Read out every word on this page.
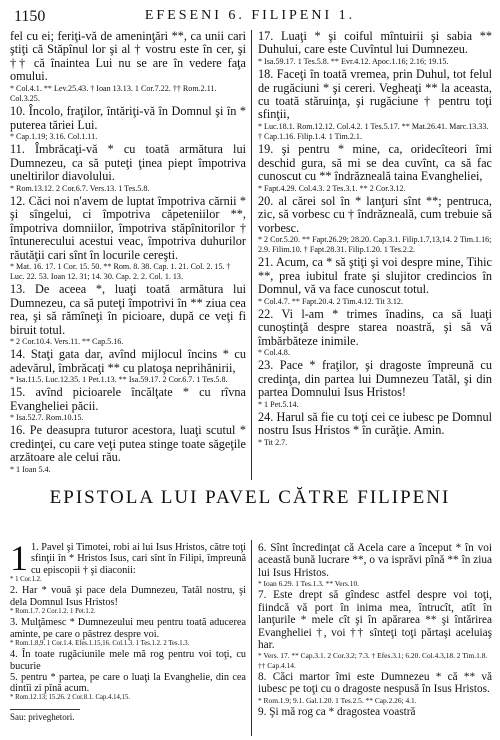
1150	EFESENI 6. FILIPENI 1.

fel cu ei; feriţi-vă de ameninţări **, ca unii cari ştiţi că Stăpînul lor şi al † vostru este în cer, şi †† că înaintea Lui nu se are în vedere faţa omului.

* Col.4.1. ** Lev.25.43. † Ioan 13.13. 1 Cor.7.22. †† Rom.2.11. Col.3.25.

10. Încolo, fraţilor, întăriţi-vă în Domnul şi în * puterea tăriei Lui.

* Cap.1.19; 3.16. Col.1.11.

11. Îmbrăcaţi-vă * cu toată armătura lui Dumnezeu, ca să puteţi ţinea piept împotriva uneltirilor diavolului.

* Rom.13.12. 2 Cor.6.7. Vers.13. 1 Tes.5.8.

12. Căci noi n'avem de luptat împotriva cărnii * şi sîngelui, ci împotriva căpeteniilor **, împotriva domniilor, împotriva stăpînitorilor † întunerecului acestui veac, împotriva duhurilor răutăţii cari sînt în locurile cereşti.

* Mat. 16. 17. 1 Cor. 15. 50. ** Rom. 8. 38. Cap. 1. 21. Col. 2. 15. † Luc. 22. 53. Ioan 12. 31; 14. 30. Cap. 2. 2. Col. 1. 13.

13. De aceea *, luaţi toată armătura lui Dumnezeu, ca să puteţi împotrivi în ** ziua cea rea, şi să rămîneţi în picioare, după ce veţi fi biruit totul.

* 2 Cor.10.4. Vers.11. ** Cap.5.16.

14. Staţi gata dar, avînd mijlocul încins * cu adevărul, îmbrăcaţi ** cu platoşa neprihănirii,

* Isa.11.5. Luc.12.35. 1 Pet.1.13. ** Isa.59.17. 2 Cor.6.7. 1 Tes.5.8.

15. avînd picioarele încălţate * cu rîvna Evangheliei păcii.

* Isa.52.7. Rom.10.15.

16. Pe deasupra tuturor acestora, luaţi scutul * credinţei, cu care veţi putea stinge toate săgeţile arzătoare ale celui rău.

* 1 Ioan 5.4.

17. Luaţi * şi coiful mîntuirii şi sabia ** Duhului, care este Cuvîntul lui Dumnezeu.

* Isa.59.17. 1 Tes.5.8. ** Evr.4.12. Apoc.1.16; 2.16; 19.15.

18. Faceţi în toată vremea, prin Duhul, tot felul de rugăciuni * şi cereri. Vegheaţi ** la aceasta, cu toată stăruinţa, şi rugăciune † pentru toţi sfinţii,

* Luc.18.1. Rom.12.12. Col.4.2. 1 Tes.5.17. ** Mat.26.41. Marc.13.33. † Cap.1.16. Filip.1.4. 1 Tim.2.1.

19. şi pentru * mine, ca, oridecîteori îmi deschid gura, să mi se dea cuvînt, ca să fac cunoscut cu ** îndrăzneală taina Evangheliei,

* Fapt.4.29. Col.4.3. 2 Tes.3.1. ** 2 Cor.3.12.

20. al cărei sol în * lanţuri sînt **; pentruca, zic, să vorbesc cu † îndrăzneală, cum trebuie să vorbesc.

* 2 Cor.5.20. ** Fapt.26.29; 28.20. Cap.3.1. Filip.1.7,13,14. 2 Tim.1.16; 2.9. Filim.10. † Fapt.28.31. Filip.1.20. 1 Tes.2.2.

21. Acum, ca * să ştiţi şi voi despre mine, Tihic **, prea iubitul frate şi slujitor credincios în Domnul, vă va face cunoscut totul.

* Col.4.7. ** Fapt.20.4. 2 Tim.4.12. Tit 3.12.

22. Vi l-am * trimes înadins, ca să luaţi cunoştinţă despre starea noastră, şi să vă îmbărbăteze inimile.

* Col.4.8.

23. Pace * fraţilor, şi dragoste împreună cu credinţa, din partea lui Dumnezeu Tatăl, şi din partea Domnului Isus Hristos!

* 1 Pet.5.14.

24. Harul să fie cu toţi cei ce iubesc pe Domnul nostru Isus Hristos * în curăţie. Amin.

* Tit 2.7.

EPISTOLA LUI PAVEL CĂTRE FILIPENI
1 1. Pavel şi Timotei, robi ai lui Isus Hristos, către toţi sfinţii în * Hristos Isus, cari sînt în Filipi, împreună cu episcopii † şi diaconii:

* 1 Cor.1.2.

2. Har * vouă şi pace dela Dumnezeu, Tatăl nostru, şi dela Domnul Isus Hristos!

* Rom.1.7. 2 Cor.1.2. 1 Pet.1.2.

3. Mulţămesc * Dumnezeului meu pentru toată aducerea aminte, pe care o păstrez despre voi.

* Rom.1.8,9. 1 Cor.1.4. Efes.1.15,16. Col.1.3. 1 Tes.1.2. 2 Tes.1.3.

4. În toate rugăciunile mele mă rog pentru voi toţi, cu bucurie

5. pentru * partea, pe care o luaţi la Evanghelie, din cea dintîi zi pînă acum.

* Rom.12.13; 15.26. 2 Cor.8.1. Cap.4.14,15.

6. Sînt încredinţat că Acela care a început * în voi această bună lucrare **, o va isprăvi pînă ** în ziua lui Isus Hristos.

* Ioan 6.29. 1 Tes.1.3. ** Vers.10.

7. Este drept să gîndesc astfel despre voi toţi, fiindcă vă port în inima mea, întrucît, atît în lanţurile * mele cît şi în apărarea ** şi întărirea Evangheliei †, voi †† sînteţi toţi părtaşi aceluiaş har.

* Vers. 17. ** Cap.3.1. 2 Cor.3.2; 7.3. † Efes.3.1; 6.20. Col.4.3,18. 2 Tim.1.8. †† Cap.4.14.

8. Căci martor îmi este Dumnezeu * că ** vă iubesc pe toţi cu o dragoste nespusă în Isus Hristos.

* Rom.1.9; 9.1. Gal.1.20. 1 Tes.2.5. ** Cap.2.26; 4.1.

9. Şi mă rog ca * dragostea voastră

Sau: priveghetori.
